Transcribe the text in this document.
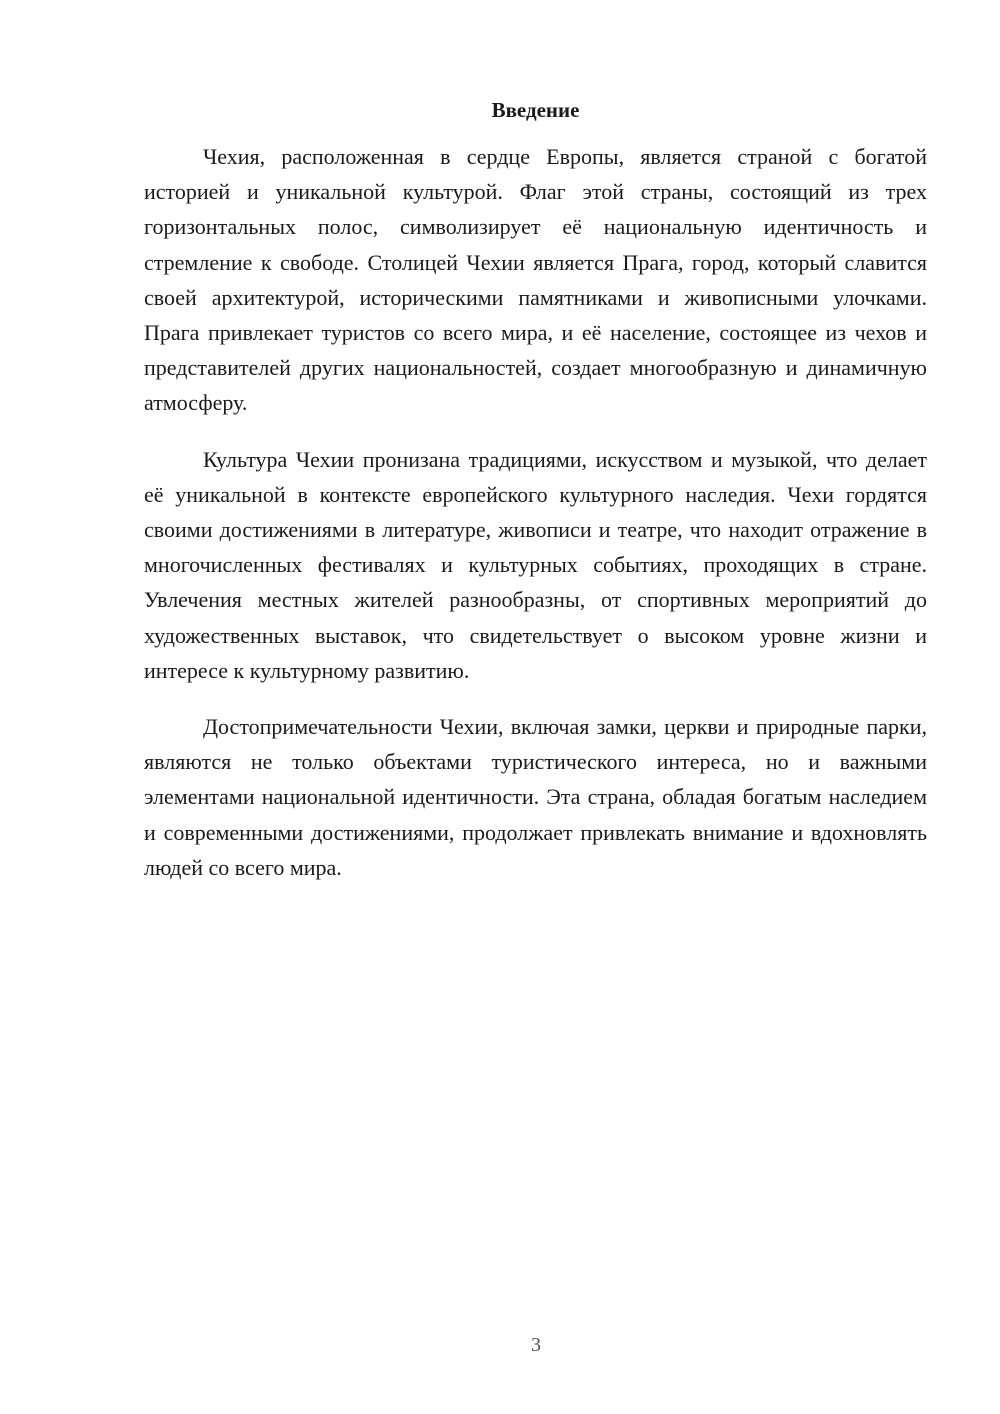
Введение

Чехия, расположенная в сердце Европы, является страной с богатой историей и уникальной культурой. Флаг этой страны, состоящий из трех горизонтальных полос, символизирует её национальную идентичность и стремление к свободе. Столицей Чехии является Прага, город, который славится своей архитектурой, историческими памятниками и живописными улочками. Прага привлекает туристов со всего мира, и её население, состоящее из чехов и представителей других национальностей, создает многообразную и динамичную атмосферу.

Культура Чехии пронизана традициями, искусством и музыкой, что делает её уникальной в контексте европейского культурного наследия. Чехи гордятся своими достижениями в литературе, живописи и театре, что находит отражение в многочисленных фестивалях и культурных событиях, проходящих в стране. Увлечения местных жителей разнообразны, от спортивных мероприятий до художественных выставок, что свидетельствует о высоком уровне жизни и интересе к культурному развитию.

Достопримечательности Чехии, включая замки, церкви и природные парки, являются не только объектами туристического интереса, но и важными элементами национальной идентичности. Эта страна, обладая богатым наследием и современными достижениями, продолжает привлекать внимание и вдохновлять людей со всего мира.

3
